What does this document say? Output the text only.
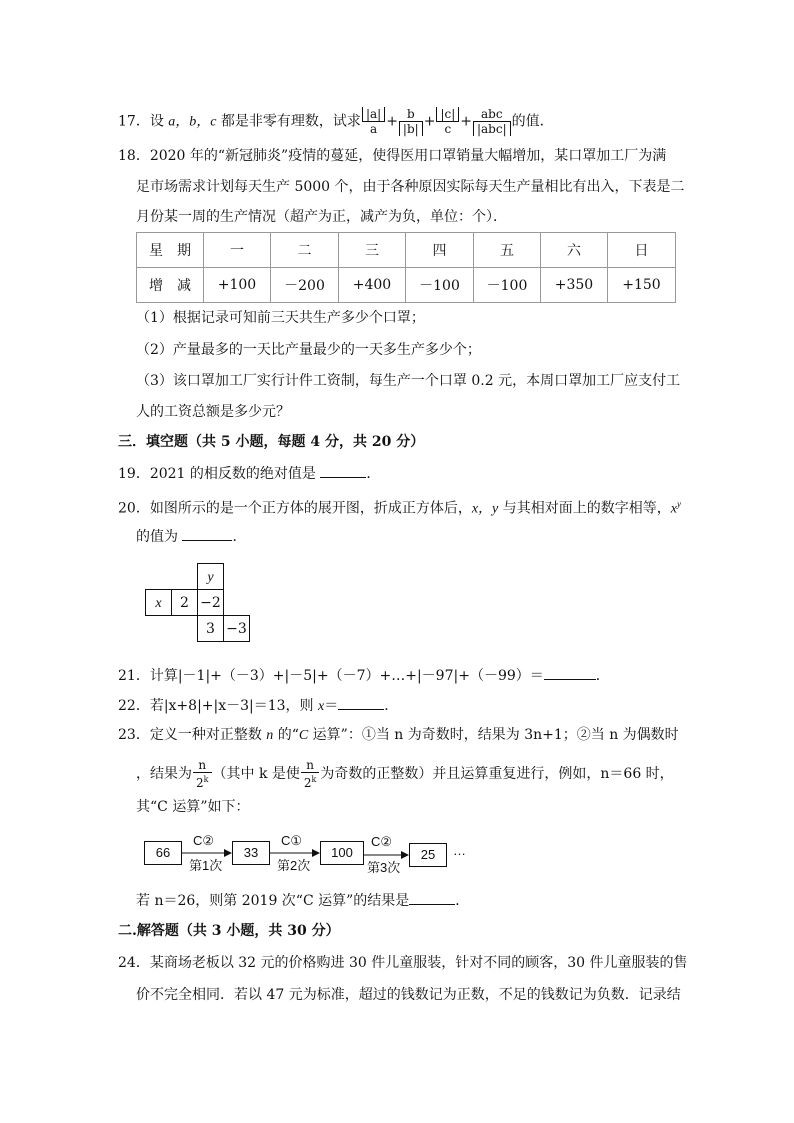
17．设 a，b，c 都是非零有理数，试求 $\frac{|a|}{a} + \frac{b}{|b|} + \frac{|c|}{c} + \frac{\text{abc}}{\text{|abc|}}$ 的值．
18．2020 年的“新冠肺炎”疫情的蔓延，使得医用口罩销量大幅增加，某口罩加工厂为满
足市场需求计划每天生产 5000 个，由于各种原因实际每天生产量相比有出入，下表是二
月份某一周的生产情况（超产为正，减产为负，单位：个）．
星　期	一	二	三	四	五	六	日
增　减	+100	－200	+400	－100	－100	+350	+150
（1）根据记录可知前三天共生产多少个口罩；
（2）产量最多的一天比产量最少的一天多生产多少个；
（3）该口罩加工厂实行计件工资制，每生产一个口罩 0.2 元，本周口罩加工厂应支付工
人的工资总额是多少元？
三．填空题（共 5 小题，每题 4 分，共 20 分）
19．2021 的相反数的绝对值是	．
20．如图所示的是一个正方体的展开图，折成正方体后，x，y 与其相对面上的数字相等，$x^y$
的值为	．
y
x	2 −2
3 −3
21．计算|－1|+（－3）+|－5|+（－7）+…+|－97|+（－99）＝	．
22．若|x+8|+|x－3|＝13，则 x＝	．
23．定义一种对正整数 n 的“C 运算”：①当 n 为奇数时，结果为 3n+1；②当 n 为偶数时
，结果为 $\frac{n}{2^k}$ （其中 k 是使 $\frac{n}{2^k}$ 为奇数的正整数）并且运算重复进行，例如，n＝66 时，
其“C 运算”如下：
66	33	100	25	…
C②	C①	C②
第1次	第2次	第3次
若 n＝26，则第 2019 次“C 运算”的结果是	．
二.解答题（共 3 小题，共 30 分）
24．某商场老板以 32 元的价格购进 30 件儿童服装，针对不同的顾客，30 件儿童服装的售
价不完全相同．若以 47 元为标准，超过的钱数记为正数，不足的钱数记为负数．记录结
